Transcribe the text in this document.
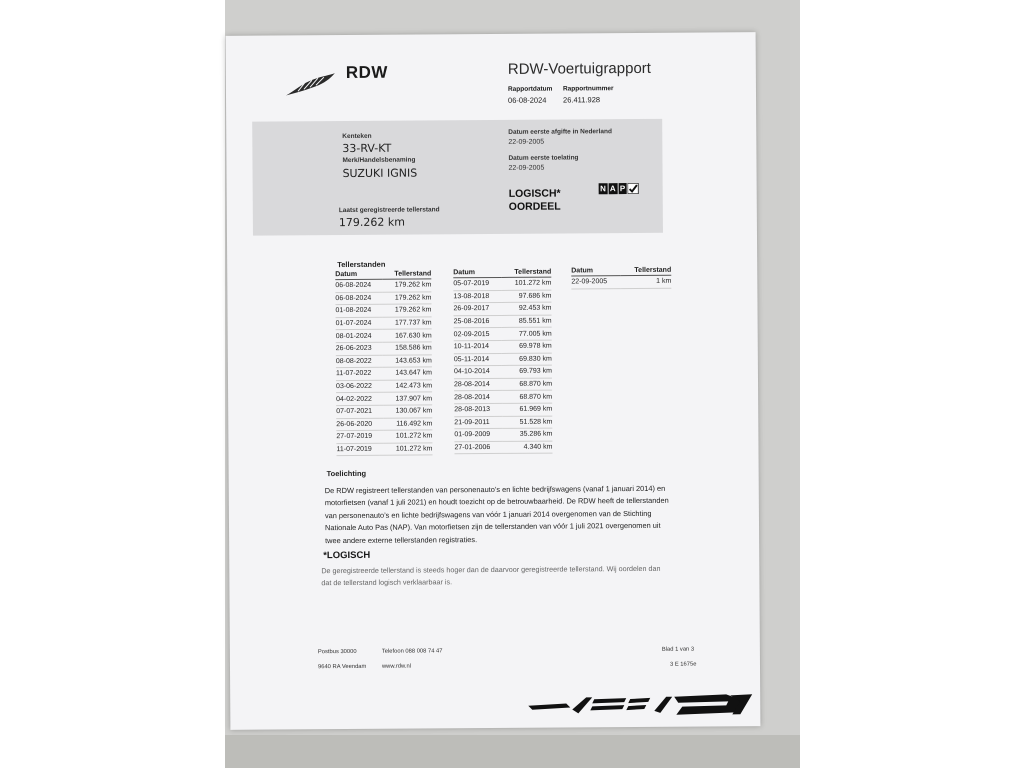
RDW	RDW-Voertuigrapport
Rapportdatum
06-08-2024
Rapportnummer
26.411.928
Kenteken
33-RV-KT
Merk/Handelsbenaming
SUZUKI IGNIS
Laatst geregistreerde tellerstand
179.262 km
Datum eerste afgifte in Nederland
22-09-2005
Datum eerste toelating
22-09-2005
LOGISCH*
OORDEEL
N A P
Tellerstanden
Datum	Tellerstand
06-08-2024	179.262 km
06-08-2024	179.262 km
01-08-2024	179.262 km
01-07-2024	177.737 km
08-01-2024	167.630 km
26-06-2023	158.586 km
08-08-2022	143.653 km
11-07-2022	143.647 km
03-06-2022	142.473 km
04-02-2022	137.907 km
07-07-2021	130.067 km
26-06-2020	116.492 km
27-07-2019	101.272 km
11-07-2019	101.272 km
Datum	Tellerstand
05-07-2019	101.272 km
13-08-2018	97.686 km
26-09-2017	92.453 km
25-08-2016	85.551 km
02-09-2015	77.005 km
10-11-2014	69.978 km
05-11-2014	69.830 km
04-10-2014	69.793 km
28-08-2014	68.870 km
28-08-2014	68.870 km
28-08-2013	61.969 km
21-09-2011	51.528 km
01-09-2009	35.286 km
27-01-2006	4.340 km
Datum	Tellerstand
22-09-2005	1 km
Toelichting
De RDW registreert tellerstanden van personenauto’s en lichte bedrijfswagens (vanaf 1 januari 2014) en
motorfietsen (vanaf 1 juli 2021) en houdt toezicht op de betrouwbaarheid. De RDW heeft de tellerstanden
van personenauto’s en lichte bedrijfswagens van vóór 1 januari 2014 overgenomen van de Stichting
Nationale Auto Pas (NAP). Van motorfietsen zijn de tellerstanden van vóór 1 juli 2021 overgenomen uit
twee andere externe tellerstanden registraties.
*LOGISCH
De geregistreerde tellerstand is steeds hoger dan de daarvoor geregistreerde tellerstand. Wij oordelen dan
dat de tellerstand logisch verklaarbaar is.
Postbus 30000
9640 RA Veendam
Telefoon 088 008 74 47
www.rdw.nl
Blad 1 van 3
3 E 1675e
